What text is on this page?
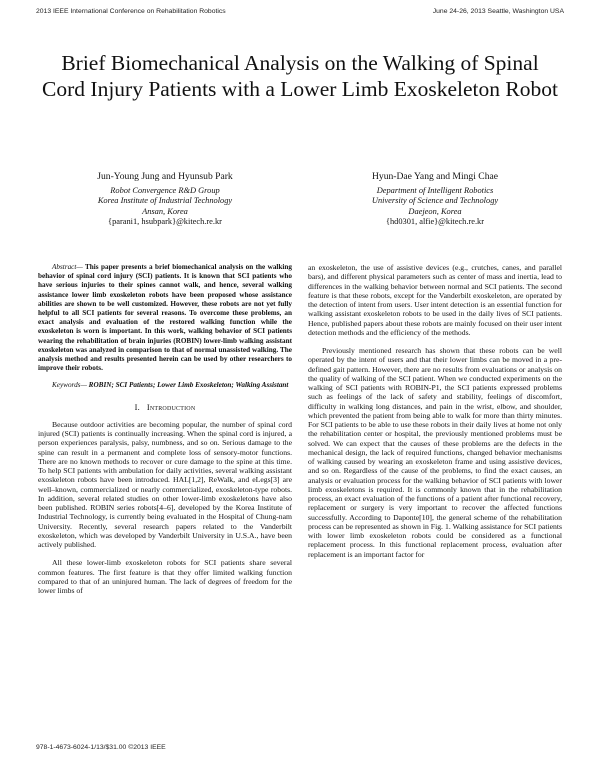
2013 IEEE International Conference on Rehabilitation Robotics	June 24-26, 2013 Seattle, Washington USA
Brief Biomechanical Analysis on the Walking of Spinal Cord Injury Patients with a Lower Limb Exoskeleton Robot
Jun-Young Jung and Hyunsub Park
Robot Convergence R&D Group
Korea Institute of Industrial Technology
Ansan, Korea
{parani1, hsubpark}@kitech.re.kr
Hyun-Dae Yang and Mingi Chae
Department of Intelligent Robotics
University of Science and Technology
Daejeon, Korea
{hd0301, alfie}@kitech.re.kr

Abstract— This paper presents a brief biomechanical analysis on the walking behavior of spinal cord injury (SCI) patients. It is known that SCI patients who have serious injuries to their spines cannot walk, and hence, several walking assistance lower limb exoskeleton robots have been proposed whose assistance abilities are shown to be well customized. However, these robots are not yet fully helpful to all SCI patients for several reasons. To overcome these problems, an exact analysis and evaluation of the restored walking function while the exoskeleton is worn is important. In this work, walking behavior of SCI patients wearing the rehabilitation of brain injuries (ROBIN) lower-limb walking assistant exoskeleton was analyzed in comparison to that of normal unassisted walking. The analysis method and results presented herein can be used by other researchers to improve their robots.

Keywords— ROBIN; SCI Patients; Lower Limb Exoskeleton; Walking Assistant

I. Introduction

Because outdoor activities are becoming popular, the number of spinal cord injured (SCI) patients is continually increasing. When the spinal cord is injured, a person experiences paralysis, palsy, numbness, and so on. Serious damage to the spine can result in a permanent and complete loss of sensory-motor functions. There are no known methods to recover or cure damage to the spine at this time. To help SCI patients with ambulation for daily activities, several walking assistant exoskeleton robots have been introduced. HAL[1,2], ReWalk, and eLegs[3] are well–known, commercialized or nearly commercialized, exoskeleton-type robots. In addition, several related studies on other lower-limb exoskeletons have also been published. ROBIN series robots[4–6], developed by the Korea Institute of Industrial Technology, is currently being evaluated in the Hospital of Chung-nam University. Recently, several research papers related to the Vanderbilt exoskeleton, which was developed by Vanderbilt University in U.S.A., have been actively published.

All these lower-limb exoskeleton robots for SCI patients share several common features. The first feature is that they offer limited walking function compared to that of an uninjured human. The lack of degrees of freedom for the lower limbs of

an exoskeleton, the use of assistive devices (e.g., crutches, canes, and parallel bars), and different physical parameters such as center of mass and inertia, lead to differences in the walking behavior between normal and SCI patients. The second feature is that these robots, except for the Vanderbilt exoskeleton, are operated by the detection of intent from users. User intent detection is an essential function for walking assistant exoskeleton robots to be used in the daily lives of SCI patients. Hence, published papers about these robots are mainly focused on their user intent detection methods and the efficiency of the methods.

Previously mentioned research has shown that these robots can be well operated by the intent of users and that their lower limbs can be moved in a pre-defined gait pattern. However, there are no results from evaluations or analysis on the quality of walking of the SCI patient. When we conducted experiments on the walking of SCI patients with ROBIN-P1, the SCI patients expressed problems such as feelings of the lack of safety and stability, feelings of discomfort, difficulty in walking long distances, and pain in the wrist, elbow, and shoulder, which prevented the patient from being able to walk for more than thirty minutes. For SCI patients to be able to use these robots in their daily lives at home not only the rehabilitation center or hospital, the previously mentioned problems must be solved. We can expect that the causes of these problems are the defects in the mechanical design, the lack of required functions, changed behavior mechanisms of walking caused by wearing an exoskeleton frame and using assistive devices, and so on. Regardless of the cause of the problems, to find the exact causes, an analysis or evaluation process for the walking behavior of SCI patients with lower limb exoskeletons is required. It is commonly known that in the rehabilitation process, an exact evaluation of the functions of a patient after functional recovery, replacement or surgery is very important to recover the affected functions successfully. According to Daponte[10], the general scheme of the rehabilitation process can be represented as shown in Fig. 1. Walking assistance for SCI patients with lower limb exoskeleton robots could be considered as a functional replacement process. In this functional replacement process, evaluation after replacement is an important factor for

978-1-4673-6024-1/13/$31.00 ©2013 IEEE
